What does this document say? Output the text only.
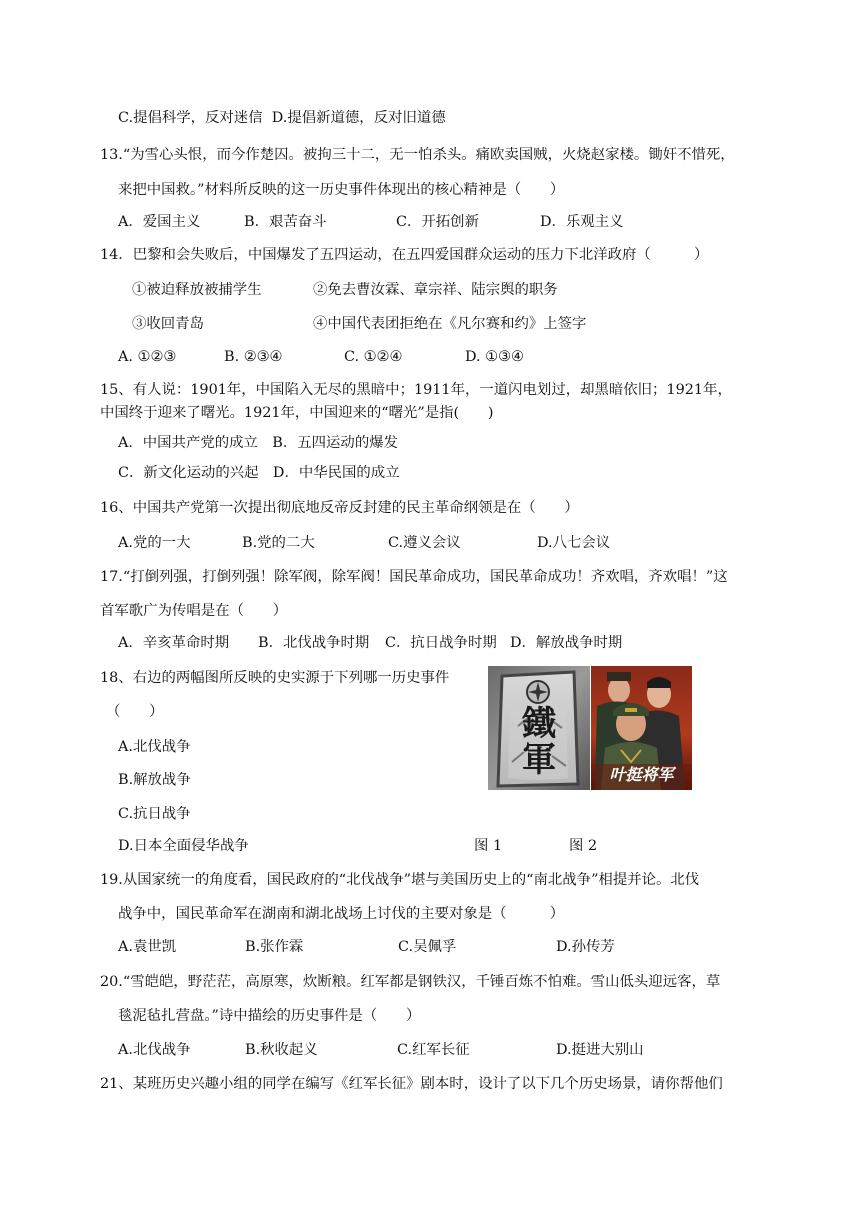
C.提倡科学，反对迷信 D.提倡新道德，反对旧道德
13.“为雪心头恨，而今作楚囚。被拘三十二，无一怕杀头。痛欧卖国贼，火烧赵家楼。锄奸不惜死，
来把中国救。”材料所反映的这一历史事件体现出的核心精神是（　　）
A．爱国主义	B．艰苦奋斗	C．开拓创新	D．乐观主义
14．巴黎和会失败后，中国爆发了五四运动，在五四爱国群众运动的压力下北洋政府（　　　）
①被迫释放被捕学生	②免去曹汝霖、章宗祥、陆宗舆的职务
③收回青岛	④中国代表团拒绝在《凡尔赛和约》上签字
A. ①②③	B. ②③④	C. ①②④	D. ①③④
15、有人说：1901年，中国陷入无尽的黑暗中；1911年，一道闪电划过，却黑暗依旧；1921年，
中国终于迎来了曙光。1921年，中国迎来的“曙光”是指(　　)
A．中国共产党的成立　B．五四运动的爆发
C．新文化运动的兴起　D．中华民国的成立
16、中国共产党第一次提出彻底地反帝反封建的民主革命纲领是在（　　）
A.党的一大	B.党的二大	C.遵义会议	D.八七会议
17.“打倒列强，打倒列强！除军阀，除军阀！国民革命成功，国民革命成功！齐欢唱，齐欢唱！”这
首军歌广为传唱是在（　　）
A．辛亥革命时期	B．北伐战争时期	C．抗日战争时期 D．解放战争时期
18、右边的两幅图所反映的史实源于下列哪一历史事件
（　　）
A.北伐战争
B.解放战争
C.抗日战争
D.日本全面侵华战争
鐵軍	叶挺将军
图 1	图 2
19.从国家统一的角度看，国民政府的“北伐战争”堪与美国历史上的“南北战争”相提并论。北伐
战争中，国民革命军在湖南和湖北战场上讨伐的主要对象是（　　　）
A.袁世凯	B.张作霖	C.吴佩孚	D.孙传芳
20.“雪皑皑，野茫茫，高原寒，炊断粮。红军都是钢铁汉，千锤百炼不怕难。雪山低头迎远客，草
毯泥毡扎营盘。”诗中描绘的历史事件是（　　）
A.北伐战争	B.秋收起义	C.红军长征	D.挺进大别山
21、某班历史兴趣小组的同学在编写《红军长征》剧本时，设计了以下几个历史场景，请你帮他们
